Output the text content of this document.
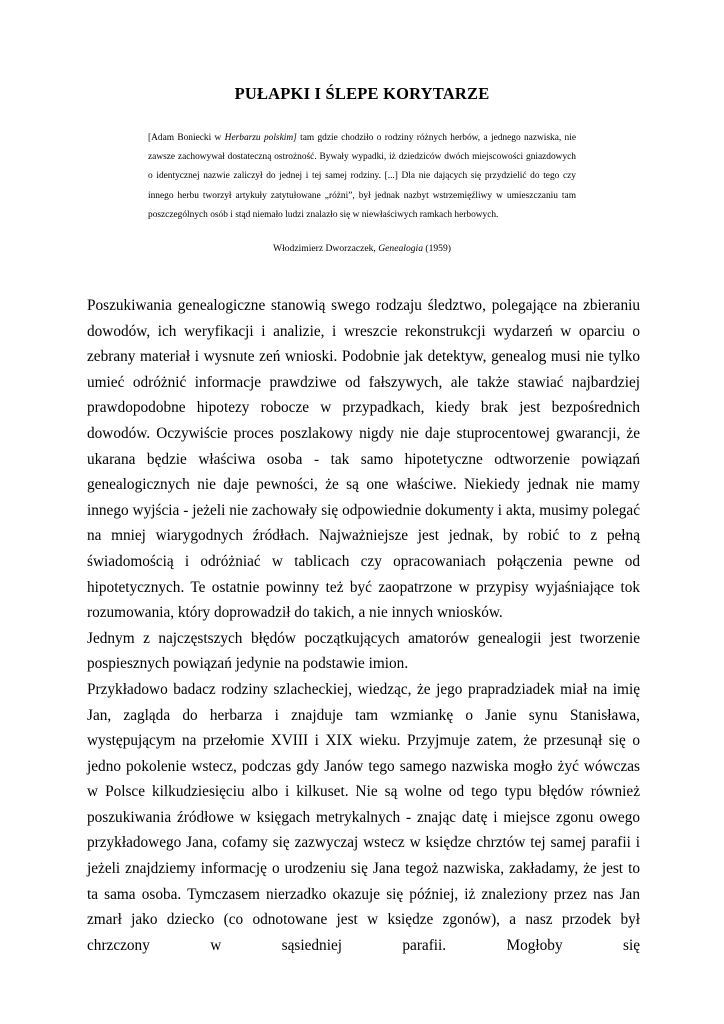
PUŁAPKI I ŚLEPE KORYTARZE

[Adam Boniecki w Herbarzu polskim] tam gdzie chodziło o rodziny różnych herbów, a jednego nazwiska, nie zawsze zachowywał dostateczną ostrożność. Bywały wypadki, iż dziedziców dwóch miejscowości gniazdowych o identycznej nazwie zaliczył do jednej i tej samej rodziny. [...] Dla nie dających się przydzielić do tego czy innego herbu tworzył artykuły zatytułowane „różni”, był jednak nazbyt wstrzemięźliwy w umieszczaniu tam poszczególnych osób i stąd niemało ludzi znalazło się w niewłaściwych ramkach herbowych.

Włodzimierz Dworzaczek, Genealogia (1959)

Poszukiwania genealogiczne stanowią swego rodzaju śledztwo, polegające na zbieraniu dowodów, ich weryfikacji i analizie, i wreszcie rekonstrukcji wydarzeń w oparciu o zebrany materiał i wysnute zeń wnioski. Podobnie jak detektyw, genealog musi nie tylko umieć odróżnić informacje prawdziwe od fałszywych, ale także stawiać najbardziej prawdopodobne hipotezy robocze w przypadkach, kiedy brak jest bezpośrednich dowodów. Oczywiście proces poszlakowy nigdy nie daje stuprocentowej gwarancji, że ukarana będzie właściwa osoba - tak samo hipotetyczne odtworzenie powiązań genealogicznych nie daje pewności, że są one właściwe. Niekiedy jednak nie mamy innego wyjścia - jeżeli nie zachowały się odpowiednie dokumenty i akta, musimy polegać na mniej wiarygodnych źródłach. Najważniejsze jest jednak, by robić to z pełną świadomością i odróżniać w tablicach czy opracowaniach połączenia pewne od hipotetycznych. Te ostatnie powinny też być zaopatrzone w przypisy wyjaśniające tok rozumowania, który doprowadził do takich, a nie innych wniosków.

Jednym z najczęstszych błędów początkujących amatorów genealogii jest tworzenie pospiesznych powiązań jedynie na podstawie imion.

Przykładowo badacz rodziny szlacheckiej, wiedząc, że jego prapradziadek miał na imię Jan, zagląda do herbarza i znajduje tam wzmiankę o Janie synu Stanisława, występującym na przełomie XVIII i XIX wieku. Przyjmuje zatem, że przesunął się o jedno pokolenie wstecz, podczas gdy Janów tego samego nazwiska mogło żyć wówczas w Polsce kilkudziesięciu albo i kilkuset. Nie są wolne od tego typu błędów również poszukiwania źródłowe w księgach metrykalnych - znając datę i miejsce zgonu owego przykładowego Jana, cofamy się zazwyczaj wstecz w księdze chrztów tej samej parafii i jeżeli znajdziemy informację o urodzeniu się Jana tegoż nazwiska, zakładamy, że jest to ta sama osoba. Tymczasem nierzadko okazuje się później, iż znaleziony przez nas Jan zmarł jako dziecko (co odnotowane jest w księdze zgonów), a nasz przodek był chrzczony w sąsiedniej parafii. Mogłoby się
